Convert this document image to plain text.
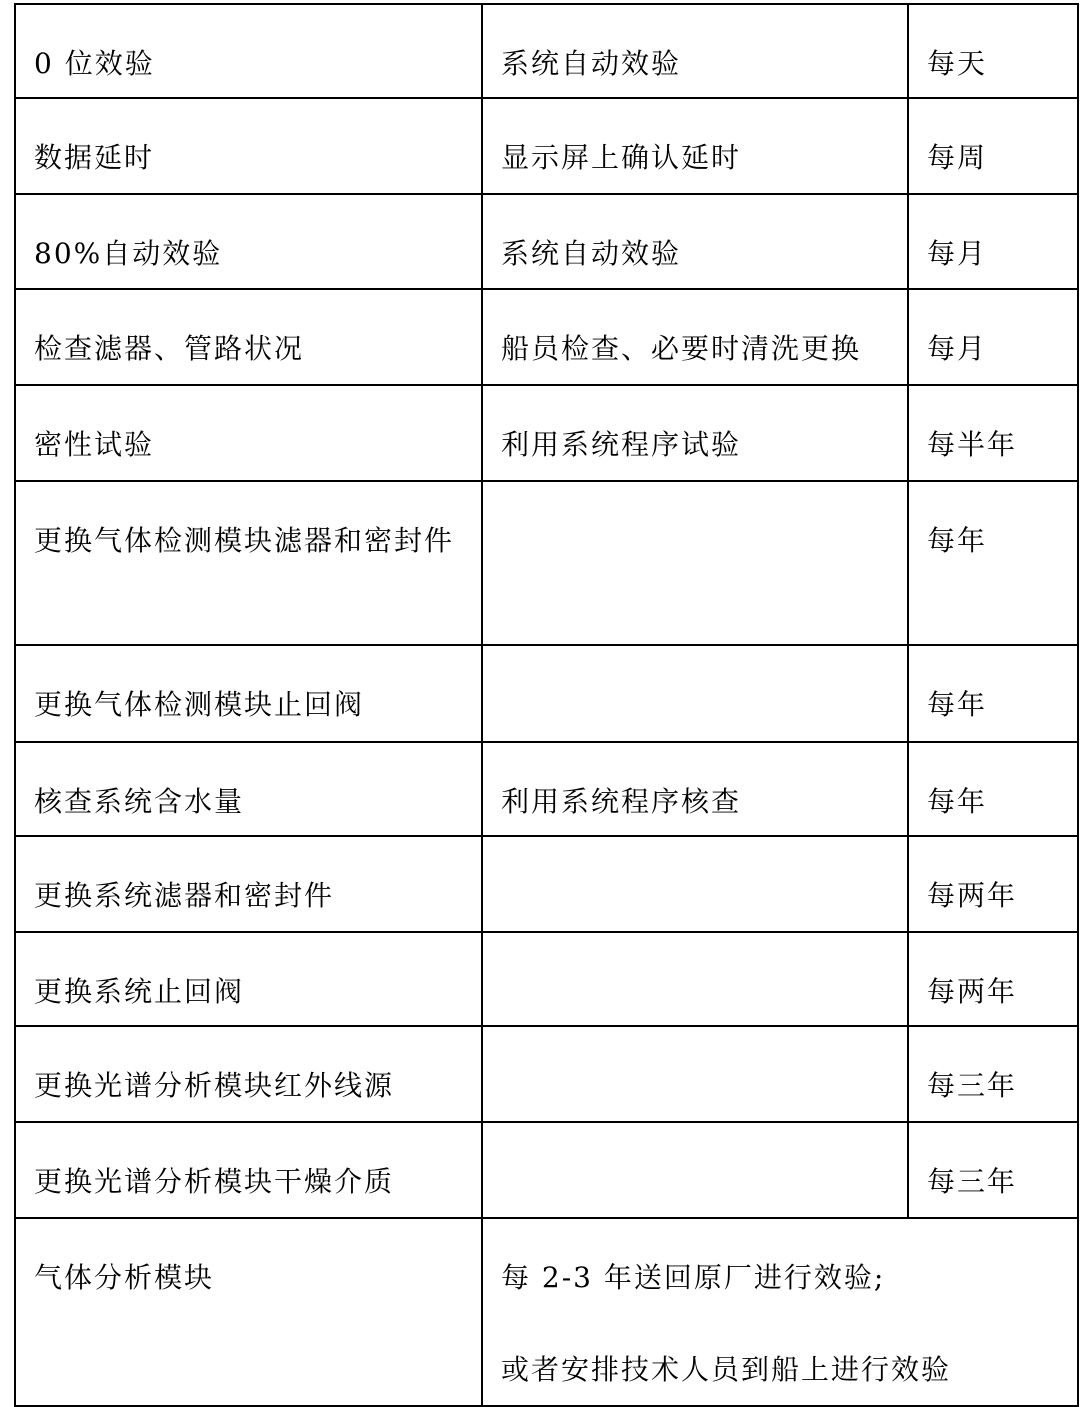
0 位效验	系统自动效验	每天
数据延时	显示屏上确认延时	每周
80%自动效验	系统自动效验	每月
检查滤器、管路状况	船员检查、必要时清洗更换	每月
密性试验	利用系统程序试验	每半年
更换气体检测模块滤器和密封件		每年
更换气体检测模块止回阀		每年
核查系统含水量	利用系统程序核查	每年
更换系统滤器和密封件		每两年
更换系统止回阀		每两年
更换光谱分析模块红外线源		每三年
更换光谱分析模块干燥介质		每三年
气体分析模块	每 2-3 年送回原厂进行效验;
或者安排技术人员到船上进行效验	
